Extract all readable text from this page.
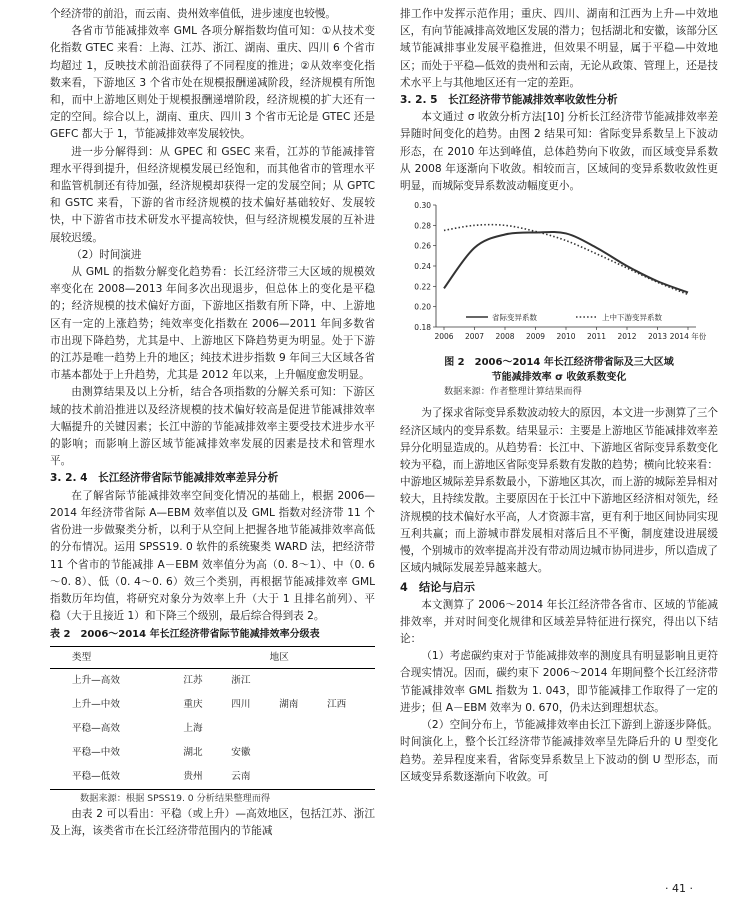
个经济带的前沿，而云南、贵州效率值低，进步速度也较慢。

各省市节能减排效率 GML 各项分解指数均值可知：①从技术变化指数 GTEC 来看：上海、江苏、浙江、湖南、重庆、四川 6 个省市均超过 1，反映技术前沿面获得了不同程度的推进；②从效率变化指数来看，下游地区 3 个省市处在规模报酬递减阶段，经济规模有所饱和，而中上游地区则处于规模报酬递增阶段，经济规模的扩大还有一定的空间。综合以上，湖南、重庆、四川 3 个省市无论是 GTEC 还是 GEFC 都大于 1，节能减排效率发展较快。

进一步分解得到：从 GPEC 和 GSEC 来看，江苏的节能减排管理水平得到提升，但经济规模发展已经饱和，而其他省市的管理水平和监管机制还有待加强，经济规模却获得一定的发展空间；从 GPTC 和 GSTC 来看，下游的省市经济规模的技术偏好基础较好、发展较快，中下游省市技术研发水平提高较快，但与经济规模发展的互补进展较迟缓。

（2）时间演进

从 GML 的指数分解变化趋势看：长江经济带三大区域的规模效率变化在 2008—2013 年间多次出现退步，但总体上的变化是平稳的；经济规模的技术偏好方面，下游地区指数有所下降，中、上游地区有一定的上涨趋势；纯效率变化指数在 2006—2011 年间多数省市出现下降趋势，尤其是中、上游地区下降趋势更为明显。处于下游的江苏是唯一趋势上升的地区；纯技术进步指数 9 年间三大区域各省市基本都处于上升趋势，尤其是 2012 年以来，上升幅度愈发明显。

由测算结果及以上分析，结合各项指数的分解关系可知：下游区域的技术前沿推进以及经济规模的技术偏好较高是促进节能减排效率大幅提升的关键因素；长江中游的节能减排效率主要受技术进步水平的影响；而影响上游区域节能减排效率发展的因素是技术和管理水平。

3. 2. 4　长江经济带省际节能减排效率差异分析

在了解省际节能减排效率空间变化情况的基础上，根据 2006—2014 年经济带省际 A—EBM 效率值以及 GML 指数对经济带 11 个省份进一步做聚类分析，以利于从空间上把握各地节能减排效率高低的分布情况。运用 SPSS19. 0 软件的系统聚类 WARD 法，把经济带 11 个省市的节能减排 A－EBM 效率值分为高（0. 8～1）、中（0. 6～0. 8）、低（0. 4～0. 6）效三个类别，再根据节能减排效率 GML 指数历年均值，将研究对象分为效率上升（大于 1 且排名前列）、平稳（大于且接近 1）和下降三个级别，最后综合得到表 2。

表 2　2006～2014 年长江经济带省际节能减排效率分级表
类型	地区			
上升—高效	江苏	浙江		
上升—中效	重庆	四川	湖南	江西
平稳—高效	上海			
平稳—中效	湖北	安徽		
平稳—低效	贵州	云南		
数据来源：根据 SPSS19. 0 分析结果整理而得

由表 2 可以看出：平稳（或上升）—高效地区，包括江苏、浙江及上海，该类省市在长江经济带范围内的节能减

排工作中发挥示范作用；重庆、四川、湖南和江西为上升—中效地区，有向节能减排高效地区发展的潜力；包括湖北和安徽，该部分区域节能减排事业发展平稳推进，但效果不明显，属于平稳—中效地区；而处于平稳—低效的贵州和云南，无论从政策、管理上，还是技术水平上与其他地区还有一定的差距。

3. 2. 5　长江经济带节能减排效率收敛性分析

本文通过 σ 收敛分析方法[10] 分析长江经济带节能减排效率差异随时间变化的趋势。由图 2 结果可知：省际变异系数呈上下波动形态，在 2010 年达到峰值，总体趋势向下收敛，而区域变异系数从 2008 年逐渐向下收敛。相较而言，区域间的变异系数收敛性更明显，而城际变异系数波动幅度更小。

0.18
0.20
0.22
0.24
0.26
0.28
0.30
2006 2007 2008 2009 2010 2011 2012 2013 2014 年份
省际变异系数	上中下游变异系数
图 2　2006～2014 年长江经济带省际及三大区域
节能减排效率 σ 收敛系数变化
数据来源：作者整理计算结果而得

为了探求省际变异系数波动较大的原因，本文进一步测算了三个经济区域内的变异系数。结果显示：主要是上游地区节能减排效率差异分化明显造成的。从趋势看：长江中、下游地区省际变异系数变化较为平稳，而上游地区省际变异系数有发散的趋势；横向比较来看：中游地区城际差异系数最小，下游地区其次，而上游的城际差异相对较大，且持续发散。主要原因在于长江中下游地区经济相对领先，经济规模的技术偏好水平高，人才资源丰富，更有利于地区间协同实现互利共赢；而上游城市群发展相对落后且不平衡，制度建设进展缓慢，个别城市的效率提高并没有带动周边城市协同进步，所以造成了区域内城际发展差异越来越大。

4　结论与启示

本文测算了 2006～2014 年长江经济带各省市、区域的节能减排效率，并对时间变化规律和区域差异特征进行探究，得出以下结论：

（1）考虑碳约束对于节能减排效率的测度具有明显影响且更符合现实情况。因而，碳约束下 2006～2014 年期间整个长江经济带节能减排效率 GML 指数为 1. 043，即节能减排工作取得了一定的进步；但 A－EBM 效率为 0. 670，仍未达到理想状态。

（2）空间分布上，节能减排效率由长江下游到上游逐步降低。时间演化上，整个长江经济带节能减排效率呈先降后升的 U 型变化趋势。差异程度来看，省际变异系数呈上下波动的倒 U 型形态，而区域变异系数逐渐向下收敛。可

· 41 ·
